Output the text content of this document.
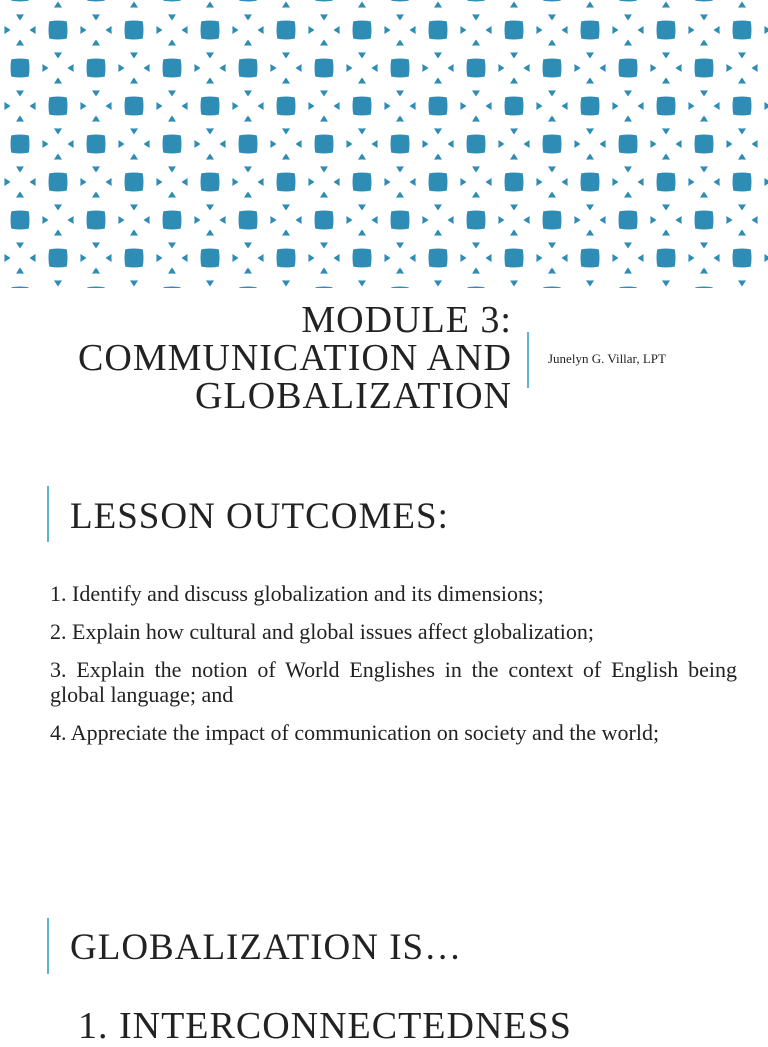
MODULE 3:
COMMUNICATION AND
GLOBALIZATION
Junelyn G. Villar, LPT
LESSON OUTCOMES:

1. Identify and discuss globalization and its dimensions;

2. Explain how cultural and global issues affect globalization;

3. Explain the notion of World Englishes in the context of English being global language; and

4. Appreciate the impact of communication on society and the world;

GLOBALIZATION IS…
1. INTERCONNECTEDNESS
